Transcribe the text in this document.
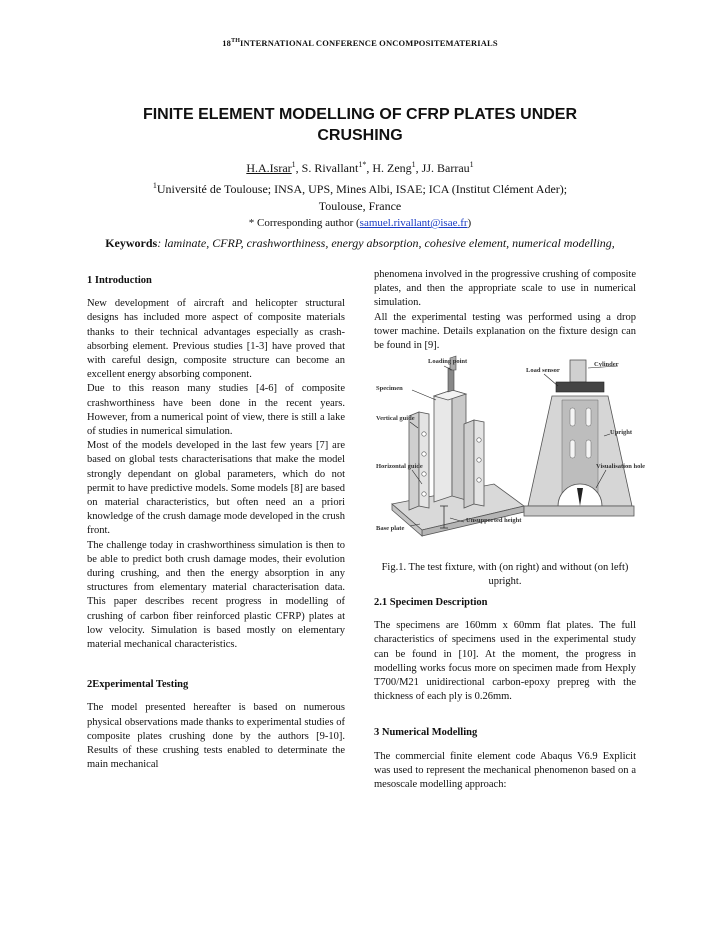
18THINTERNATIONAL CONFERENCE ONCOMPOSITEMATERIALS
FINITE ELEMENT MODELLING OF CFRP PLATES UNDER CRUSHING
H.A.Israr$^1$, S. Rivallant$^{1*}$, H. Zeng$^1$, JJ. Barrau$^1$
$^1$Université de Toulouse; INSA, UPS, Mines Albi, ISAE; ICA (Institut Clément Ader);
Toulouse, France
* Corresponding author (samuel.rivallant@isae.fr)
Keywords: laminate, CFRP, crashworthiness, energy absorption, cohesive element, numerical modelling,
1 Introduction

New development of aircraft and helicopter structural designs has included more aspect of composite materials thanks to their technical advantages especially as crash-absorbing element. Previous studies [1-3] have proved that with careful design, composite structure can become an excellent energy absorbing component.

Due to this reason many studies [4-6] of composite crashworthiness have been done in the recent years. However, from a numerical point of view, there is still a lake of studies in numerical simulation.

Most of the models developed in the last few years [7] are based on global tests characterisations that make the model strongly dependant on global parameters, which do not permit to have predictive models. Some models [8] are based on material characteristics, but often need an a priori knowledge of the crush damage mode developed in the crush front.

The challenge today in crashworthiness simulation is then to be able to predict both crush damage modes, their evolution during crushing, and then the energy absorption in any structures from elementary material characterisation data. This paper describes recent progress in modelling of crushing of carbon fiber reinforced plastic CFRP) plates at low velocity. Simulation is based mostly on elementary material mechanical characteristics.

2Experimental Testing

The model presented hereafter is based on numerous physical observations made thanks to experimental studies of composite plates crushing done by the authors [9-10]. Results of these crushing tests enabled to determinate the main mechanical

phenomena involved in the progressive crushing of composite plates, and then the appropriate scale to use in numerical simulation.

All the experimental testing was performed using a drop tower machine. Details explanation on the fixture design can be found in [9].

Loading point
Specimen
Vertical guide
Horizontal guide
Base plate
Unsupported height
Cylinder
Load sensor
Upright
Visualisation hole
Fig.1. The test fixture, with (on right) and without (on left) upright.
2.1 Specimen Description

The specimens are 160mm x 60mm flat plates. The full characteristics of specimens used in the experimental study can be found in [10]. At the moment, the progress in modelling works focus more on specimen made from Hexply T700/M21 unidirectional carbon-epoxy prepreg with the thickness of each ply is 0.26mm.

3 Numerical Modelling

The commercial finite element code Abaqus V6.9 Explicit was used to represent the mechanical phenomenon based on a mesoscale modelling approach:
